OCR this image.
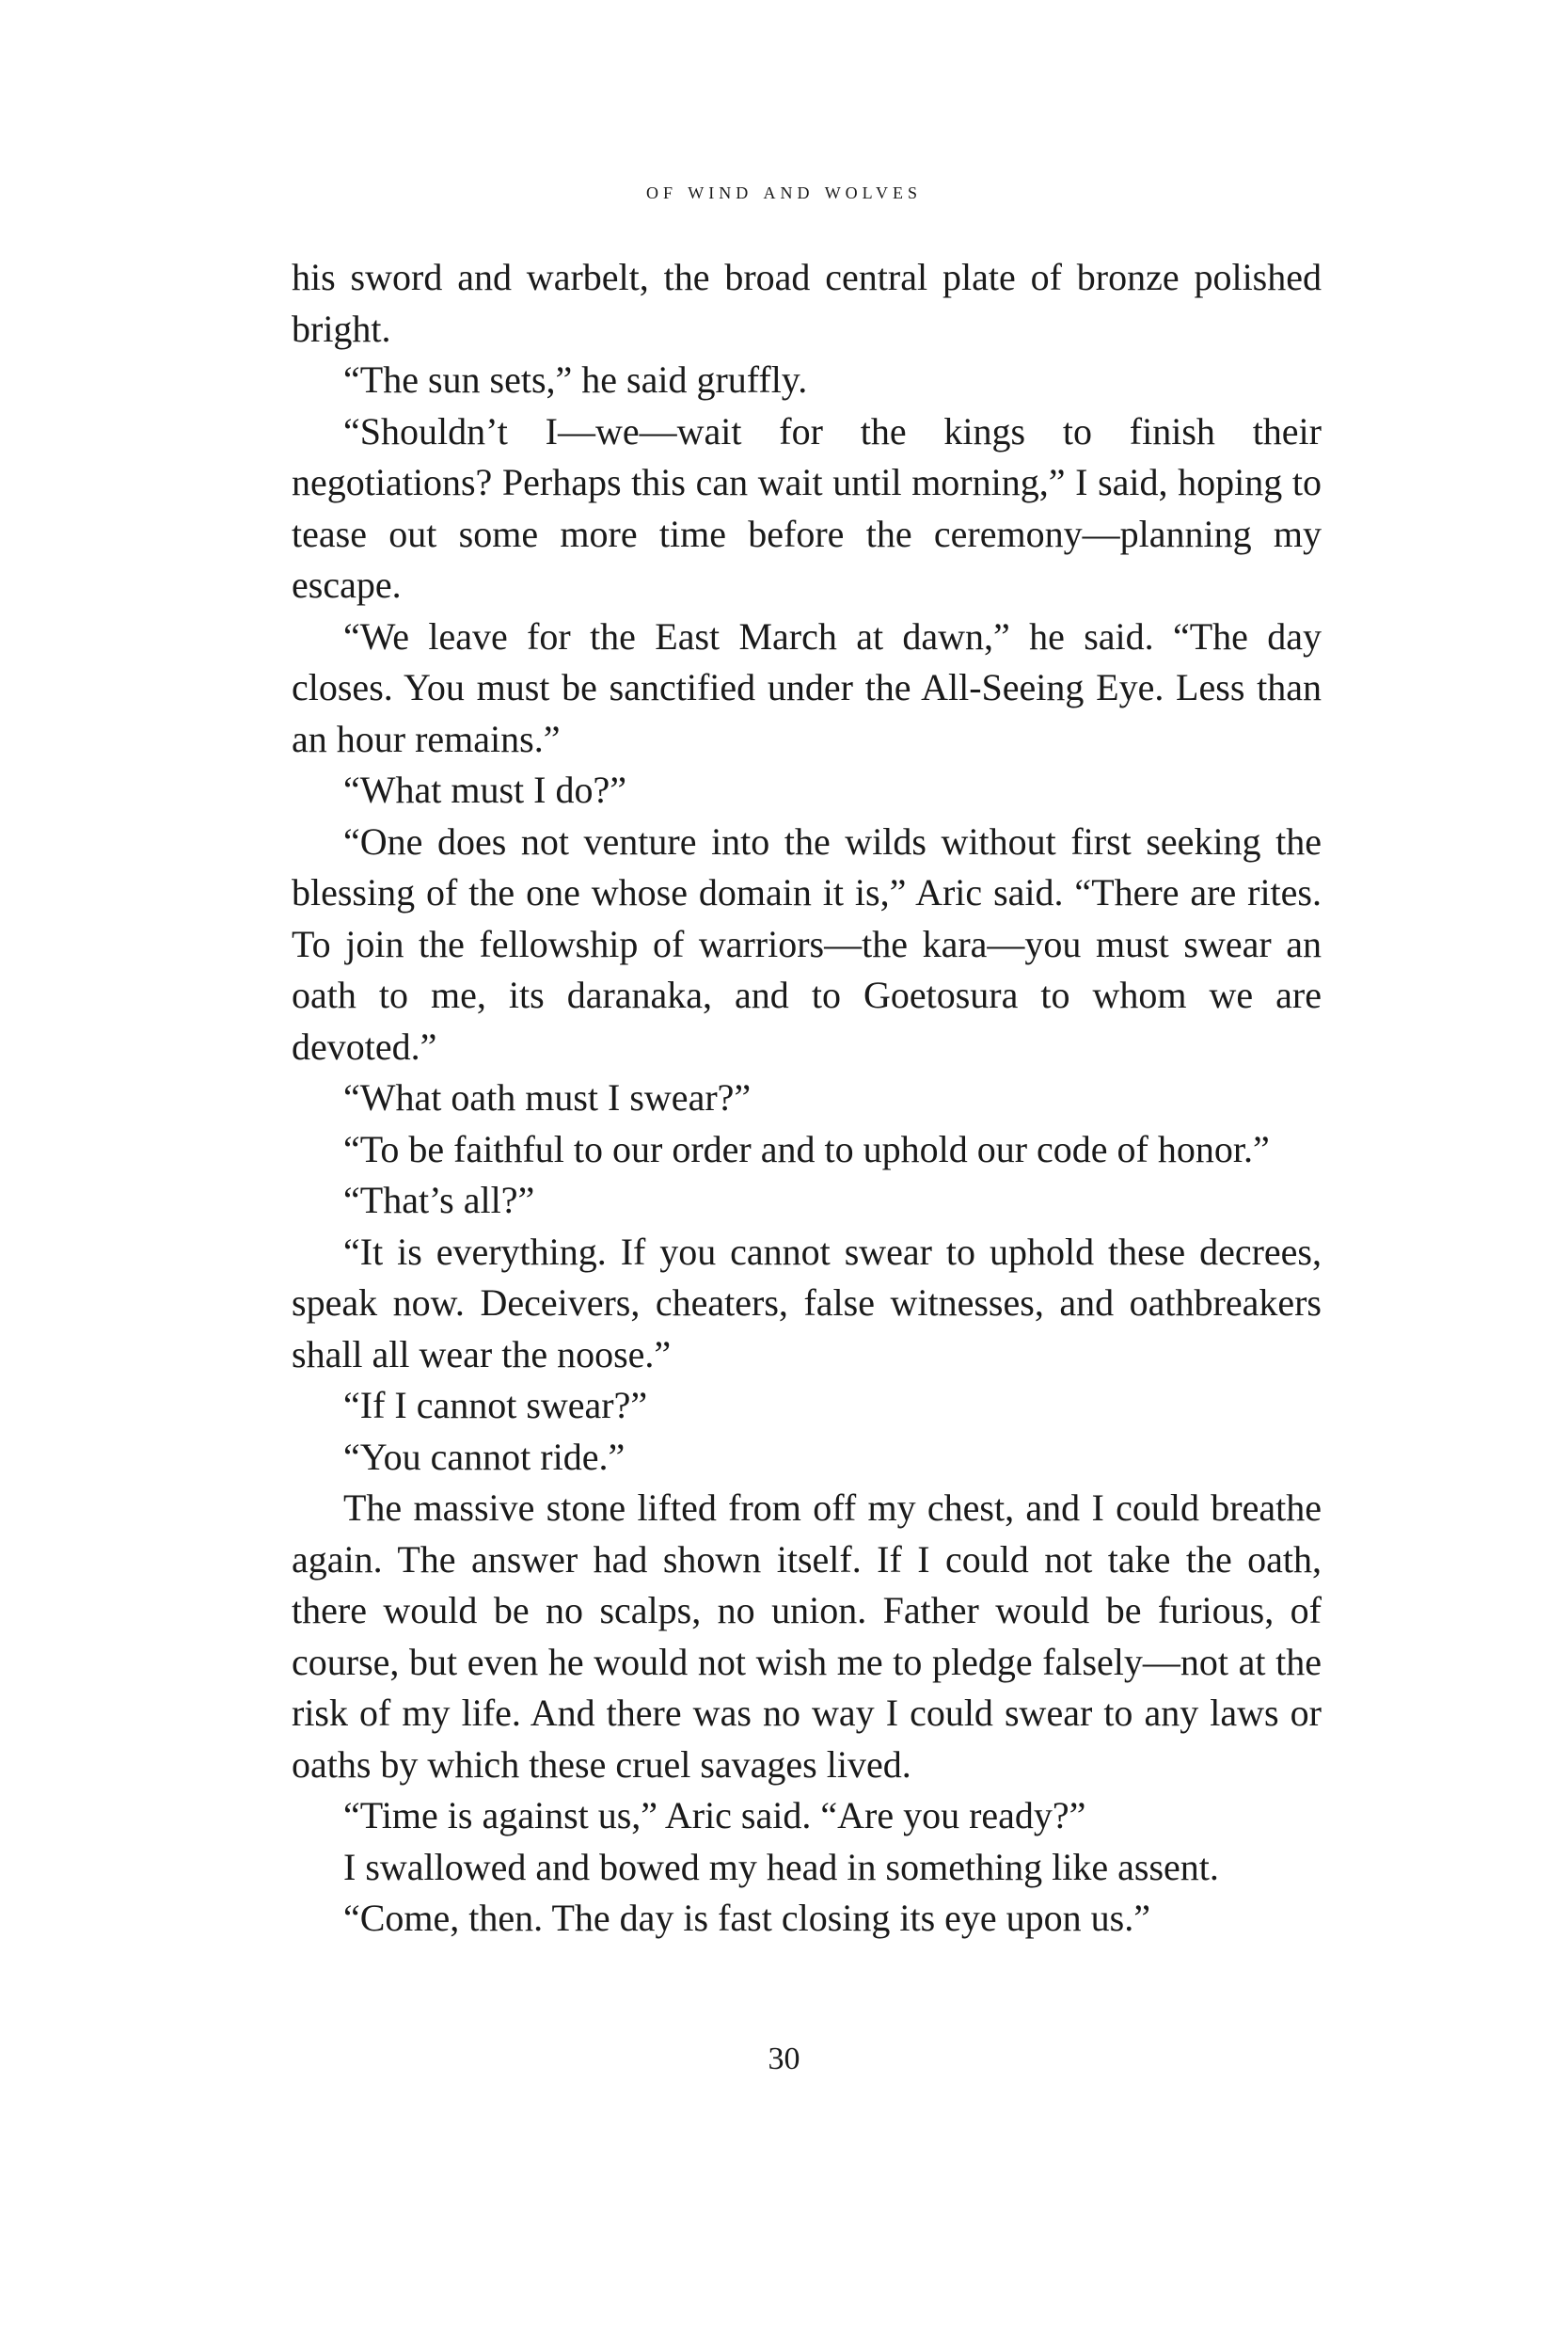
of wind and wolves

his sword and warbelt, the broad central plate of bronze polished bright.

“The sun sets,” he said gruffly.

“Shouldn’t I—we—wait for the kings to finish their negotiations? Perhaps this can wait until morning,” I said, hoping to tease out some more time before the ceremony—planning my escape.

“We leave for the East March at dawn,” he said. “The day closes. You must be sanctified under the All-Seeing Eye. Less than an hour remains.”

“What must I do?”

“One does not venture into the wilds without first seeking the blessing of the one whose domain it is,” Aric said. “There are rites. To join the fellowship of warriors—the kara—you must swear an oath to me, its daranaka, and to Goetosura to whom we are devoted.”

“What oath must I swear?”

“To be faithful to our order and to uphold our code of honor.”

“That’s all?”

“It is everything. If you cannot swear to uphold these decrees, speak now. Deceivers, cheaters, false witnesses, and oathbreakers shall all wear the noose.”

“If I cannot swear?”

“You cannot ride.”

The massive stone lifted from off my chest, and I could breathe again. The answer had shown itself. If I could not take the oath, there would be no scalps, no union. Father would be furious, of course, but even he would not wish me to pledge falsely—not at the risk of my life. And there was no way I could swear to any laws or oaths by which these cruel savages lived.

“Time is against us,” Aric said. “Are you ready?”

I swallowed and bowed my head in something like assent.

“Come, then. The day is fast closing its eye upon us.”

30
